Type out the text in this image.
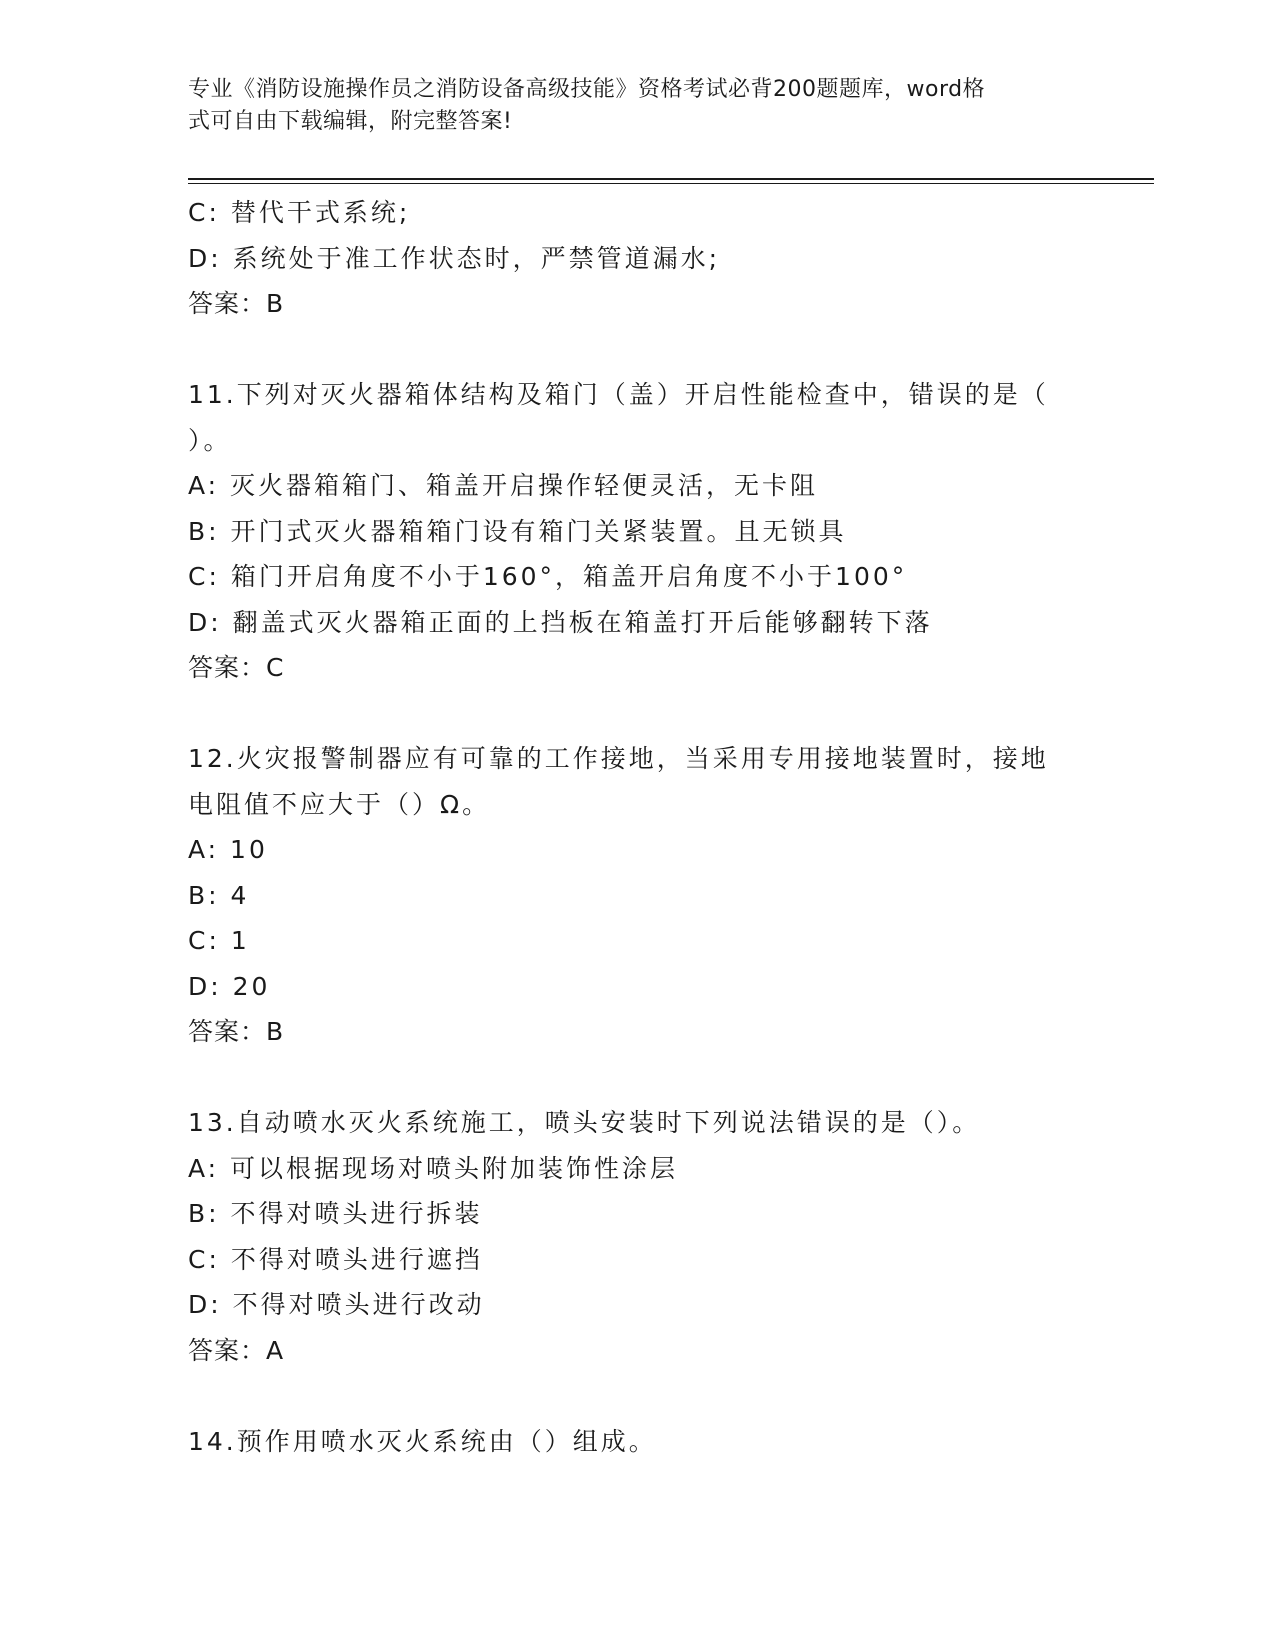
专业《消防设施操作员之消防设备高级技能》资格考试必背200题题库，word格
式可自由下载编辑，附完整答案!
C: 替代干式系统;
D: 系统处于准工作状态时，严禁管道漏水;
答案：B
11.下列对灭火器箱体结构及箱门（盖）开启性能检查中，错误的是（
）。
A: 灭火器箱箱门、箱盖开启操作轻便灵活，无卡阻
B: 开门式灭火器箱箱门设有箱门关紧装置。且无锁具
C: 箱门开启角度不小于160°，箱盖开启角度不小于100°
D: 翻盖式灭火器箱正面的上挡板在箱盖打开后能够翻转下落
答案：C
12.火灾报警制器应有可靠的工作接地，当采用专用接地装置时，接地
电阻值不应大于（）Ω。
A: 10
B: 4
C: 1
D: 20
答案：B
13.自动喷水灭火系统施工，喷头安装时下列说法错误的是（）。
A: 可以根据现场对喷头附加装饰性涂层
B: 不得对喷头进行拆装
C: 不得对喷头进行遮挡
D: 不得对喷头进行改动
答案：A
14.预作用喷水灭火系统由（）组成。
